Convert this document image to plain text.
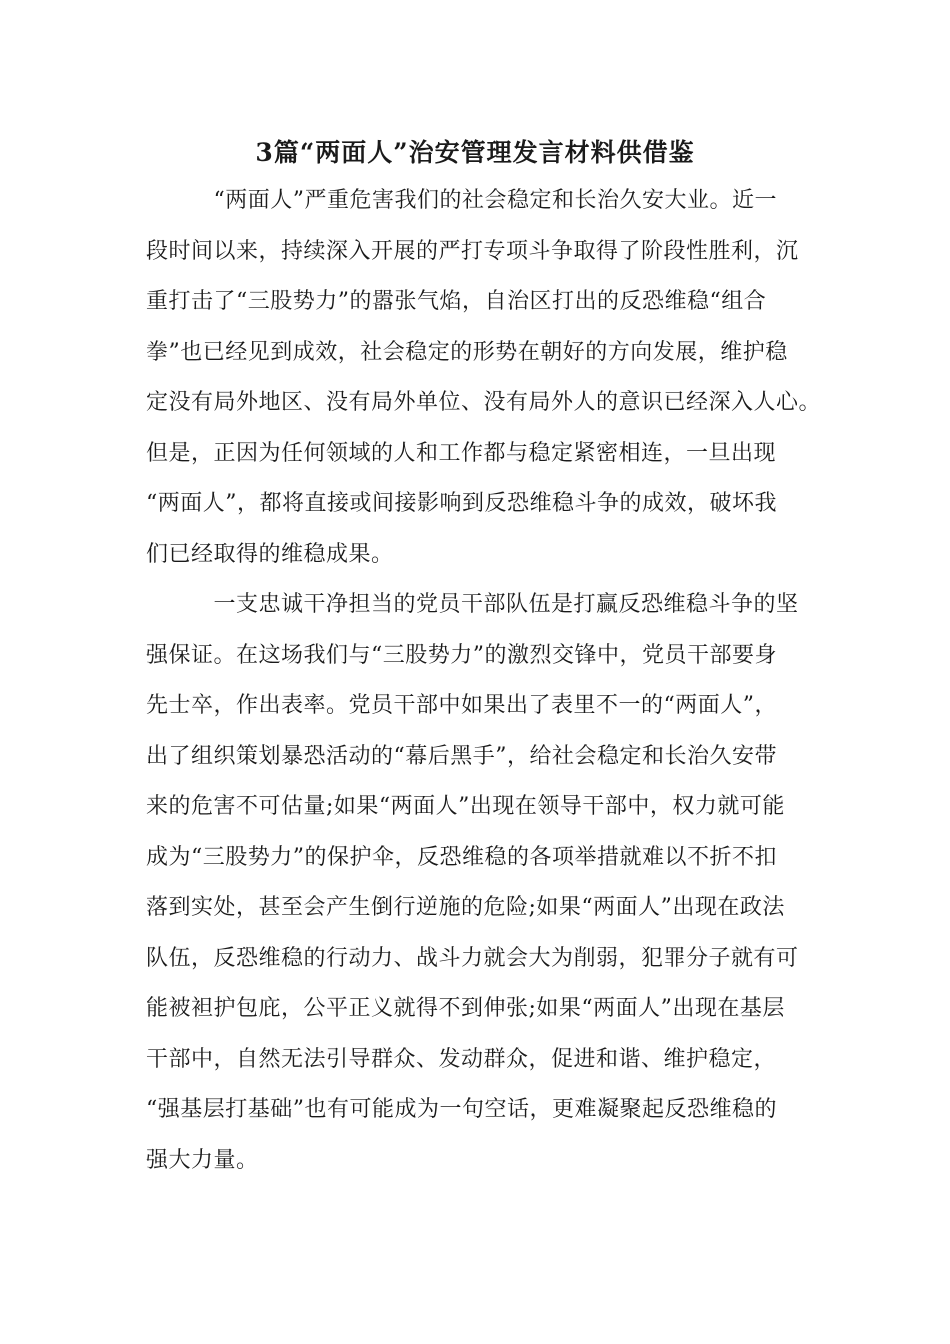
3篇“两面人”治安管理发言材料供借鉴

　　　“两面人”严重危害我们的社会稳定和长治久安大业。近一
段时间以来，持续深入开展的严打专项斗争取得了阶段性胜利，沉
重打击了“三股势力”的嚣张气焰，自治区打出的反恐维稳“组合
拳”也已经见到成效，社会稳定的形势在朝好的方向发展，维护稳
定没有局外地区、没有局外单位、没有局外人的意识已经深入人心。
但是，正因为任何领域的人和工作都与稳定紧密相连，一旦出现
“两面人”，都将直接或间接影响到反恐维稳斗争的成效，破坏我
们已经取得的维稳成果。

　　　一支忠诚干净担当的党员干部队伍是打赢反恐维稳斗争的坚
强保证。在这场我们与“三股势力”的激烈交锋中，党员干部要身
先士卒，作出表率。党员干部中如果出了表里不一的“两面人”，
出了组织策划暴恐活动的“幕后黑手”，给社会稳定和长治久安带
来的危害不可估量;如果“两面人”出现在领导干部中，权力就可能
成为“三股势力”的保护伞，反恐维稳的各项举措就难以不折不扣
落到实处，甚至会产生倒行逆施的危险;如果“两面人”出现在政法
队伍，反恐维稳的行动力、战斗力就会大为削弱，犯罪分子就有可
能被袒护包庇，公平正义就得不到伸张;如果“两面人”出现在基层
干部中，自然无法引导群众、发动群众，促进和谐、维护稳定，
“强基层打基础”也有可能成为一句空话，更难凝聚起反恐维稳的
强大力量。
